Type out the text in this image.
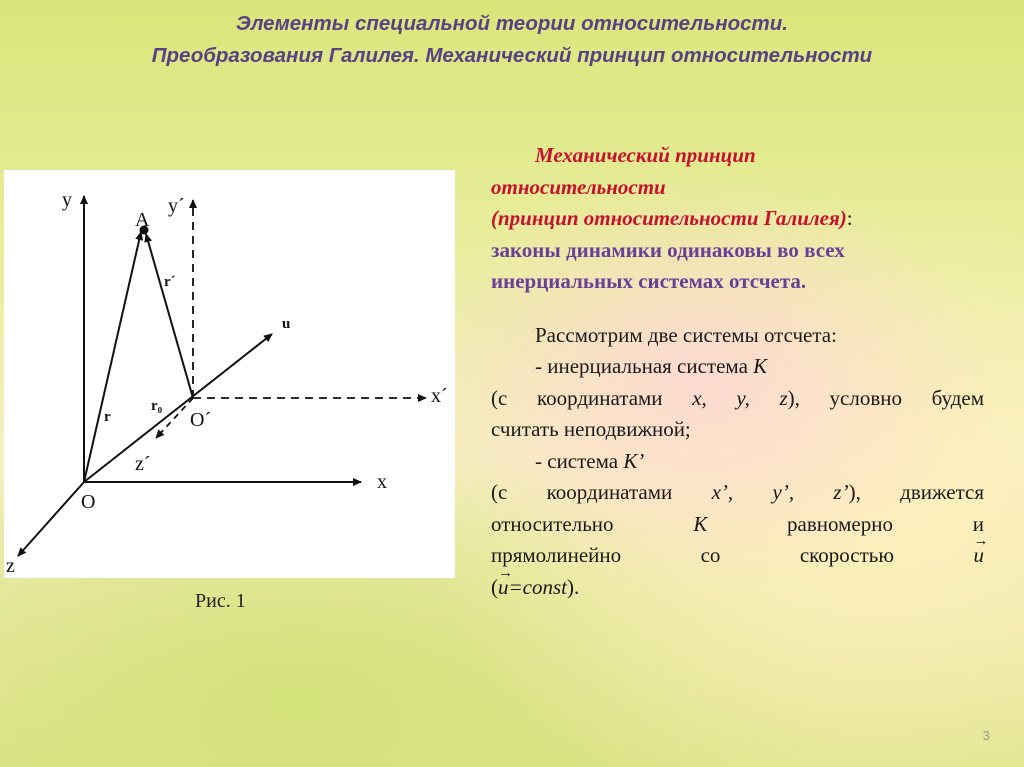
Элементы специальной теории относительности.
Преобразования Галилея. Механический принцип относительности
y	y´
A
r´
u
x´
r₀
O´
r
z´
x
O
z
Рис. 1
Механический принцип
относительности
(принцип относительности Галилея):
законы динамики одинаковы во всех
инерциальных системах отсчета.
Рассмотрим две системы отсчета:
- инерциальная система К
(с координатами x, y, z), условно будем
считать неподвижной;
- система К’
(с координатами x’, y’, z’), движется
относительно К равномерно и
прямолинейно со скоростью
→
u
(
→
u=const).
3
